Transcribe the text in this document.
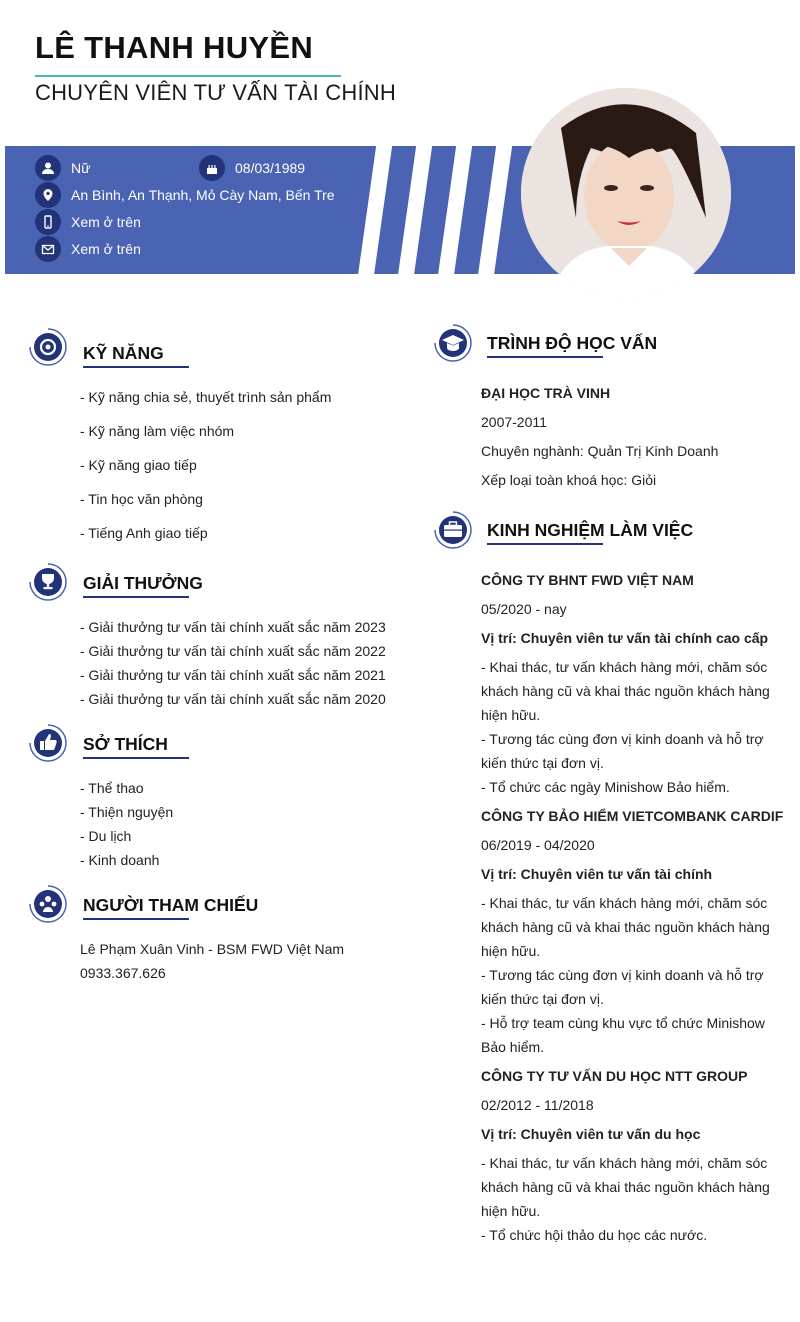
LÊ THANH HUYỀN
CHUYÊN VIÊN TƯ VẤN TÀI CHÍNH
Nữ	08/03/1989
An Bình, An Thạnh, Mỏ Cày Nam, Bến Tre
Xem ở trên
Xem ở trên
KỸ NĂNG
- Kỹ năng chia sẻ, thuyết trình sản phẩm
- Kỹ năng làm việc nhóm
- Kỹ năng giao tiếp
- Tin học văn phòng
- Tiếng Anh giao tiếp
GIẢI THƯỞNG
- Giải thưởng tư vấn tài chính xuất sắc năm 2023
- Giải thưởng tư vấn tài chính xuất sắc năm 2022
- Giải thưởng tư vấn tài chính xuất sắc năm 2021
- Giải thưởng tư vấn tài chính xuất sắc năm 2020
SỞ THÍCH
- Thể thao
- Thiện nguyện
- Du lịch
- Kinh doanh
NGƯỜI THAM CHIẾU
Lê Phạm Xuân Vinh - BSM FWD Việt Nam
0933.367.626
TRÌNH ĐỘ HỌC VẤN
ĐẠI HỌC TRÀ VINH
2007-2011
Chuyên nghành: Quản Trị Kinh Doanh
Xếp loại toàn khoá học: Giỏi
KINH NGHIỆM LÀM VIỆC
CÔNG TY BHNT FWD VIỆT NAM
05/2020 - nay
Vị trí: Chuyên viên tư vấn tài chính cao cấp
- Khai thác, tư vấn khách hàng mới, chăm sóc khách hàng cũ và khai thác nguồn khách hàng hiện hữu.
- Tương tác cùng đơn vị kinh doanh và hỗ trợ kiến thức tại đơn vị.
- Tổ chức các ngày Minishow Bảo hiểm.
CÔNG TY BẢO HIỂM VIETCOMBANK CARDIF
06/2019 - 04/2020
Vị trí: Chuyên viên tư vấn tài chính
- Khai thác, tư vấn khách hàng mới, chăm sóc khách hàng cũ và khai thác nguồn khách hàng hiện hữu.
- Tương tác cùng đơn vị kinh doanh và hỗ trợ kiến thức tại đơn vị.
- Hỗ trợ team cùng khu vực tổ chức Minishow Bảo hiểm.
CÔNG TY TƯ VẤN DU HỌC NTT GROUP
02/2012 - 11/2018
Vị trí: Chuyên viên tư vấn du học
- Khai thác, tư vấn khách hàng mới, chăm sóc khách hàng cũ và khai thác nguồn khách hàng hiện hữu.
- Tổ chức hội thảo du học các nước.
